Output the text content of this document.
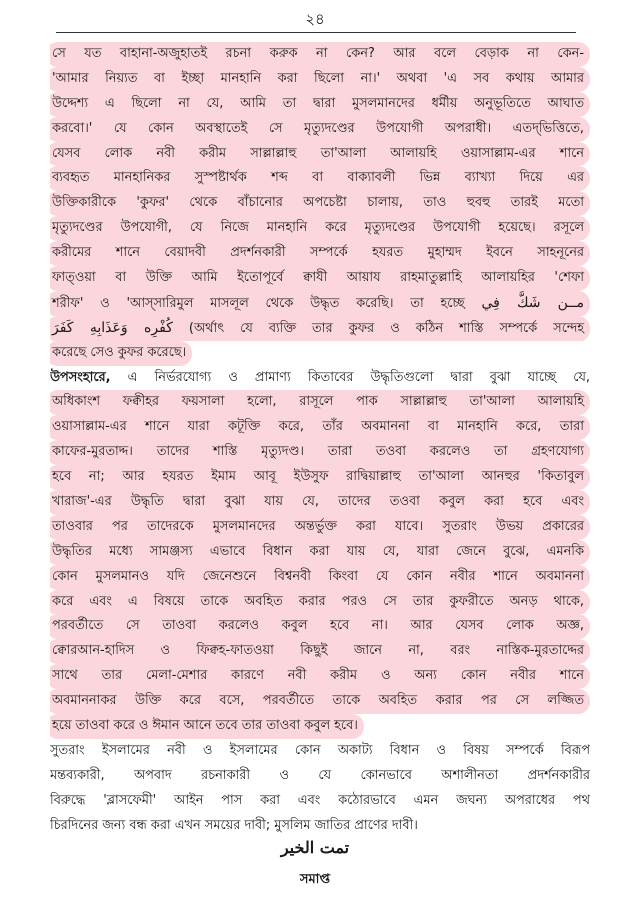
২৪
সে যত বাহানা-অজুহাতই রচনা করুক না কেন? আর বলে বেড়াক না কেন-
'আমার নিয়্যত বা ইচ্ছা মানহানি করা ছিলো না।' অথবা 'এ সব কথায় আমার
উদ্দেশ্য এ ছিলো না যে, আমি তা দ্বারা মুসলমানদের ধর্মীয় অনুভূতিতে আঘাত
করবো।' যে কোন অবস্থাতেই সে মৃত্যুদণ্ডের উপযোগী অপরাধী। এতদ্‌ভিত্তিতে,
যেসব লোক নবী করীম সাল্লাল্লাহু তা'আলা আলায়হি ওয়াসাল্লাম-এর শানে
ব্যবহৃত মানহানিকর সুস্পষ্টার্থক শব্দ বা বাক্যাবলী ভিন্ন ব্যাখ্যা দিয়ে এর
উক্তিকারীকে 'কুফর' থেকে বাঁচানোর অপচেষ্টা চালায়, তাও হুবহু তারই মতো
মৃত্যুদণ্ডের উপযোগী, যে নিজে মানহানি করে মৃত্যুদণ্ডের উপযোগী হয়েছে। রসূলে
করীমের শানে বেয়াদবী প্রদর্শনকারী সম্পর্কে হযরত মুহাম্মদ ইবনে সাহনূনের
ফাত্ওয়া বা উক্তি আমি ইতোপূর্বে ক্বাযী আয়ায রাহমাতুল্লাহি আলায়হির 'শেফা
শরীফ' ও 'আস্‌সারিমুল মাসলূল থেকে উদ্ধৃত করেছি। তা হচ্ছে مــن شَكَّ فِي
كُفْرِه وَعَذَابِهِ كَفَرَ (অর্থাৎ যে ব্যক্তি তার কুফর ও কঠিন শাস্তি সম্পর্কে সন্দেহ
করেছে সেও কুফর করেছে।
উপসংহারে, এ নির্ভরযোগ্য ও প্রামাণ্য কিতাবের উদ্ধৃতিগুলো দ্বারা বুঝা যাচ্ছে যে,
অধিকাংশ ফক্বীহর ফয়সালা হলো, রাসূলে পাক সাল্লাল্লাহু তা'আলা আলায়হি
ওয়াসাল্লাম-এর শানে যারা কটূক্তি করে, তাঁর অবমাননা বা মানহানি করে, তারা
কাফের-মুরতাদ্দ। তাদের শাস্তি মৃত্যুদণ্ড। তারা তওবা করলেও তা গ্রহণযোগ্য
হবে না; আর হযরত ইমাম আবূ ইউসুফ রাদ্বিয়াল্লাহু তা'আলা আনহুর 'কিতাবুল
খারাজ'-এর উদ্ধৃতি দ্বারা বুঝা যায় যে, তাদের তওবা কবুল করা হবে এবং
তাওবার পর তাদেরকে মুসলমানদের অন্তর্ভুক্ত করা যাবে। সুতরাং উভয় প্রকারের
উদ্ধৃতির মধ্যে সামঞ্জস্য এভাবে বিধান করা যায় যে, যারা জেনে বুঝে, এমনকি
কোন মুসলমানও যদি জেনেশুনে বিশ্বনবী কিংবা যে কোন নবীর শানে অবমাননা
করে এবং এ বিষয়ে তাকে অবহিত করার পরও সে তার কুফরীতে অনড় থাকে,
পরবর্তীতে সে তাওবা করলেও কবুল হবে না। আর যেসব লোক অজ্ঞ,
ক্বোরআন-হাদিস ও ফিক্বহ-ফাতওয়া কিছুই জানে না, বরং নাস্তিক-মুরতাদ্দের
সাথে তার মেলা-মেশার কারণে নবী করীম ও অন্য কোন নবীর শানে
অবমাননাকর উক্তি করে বসে, পরবর্তীতে তাকে অবহিত করার পর সে লজ্জিত
হয়ে তাওবা করে ও ঈমান আনে তবে তার তাওবা কবুল হবে।
সুতরাং ইসলামের নবী ও ইসলামের কোন অকাট্য বিধান ও বিষয় সম্পর্কে বিরূপ
মন্তব্যকারী, অপবাদ রচনাকারী ও যে কোনভাবে অশালীনতা প্রদর্শনকারীর
বিরুদ্ধে 'ব্লাসফেমী' আইন পাস করা এবং কঠোরভাবে এমন জঘন্য অপরাধের পথ
চিরদিনের জন্য বন্ধ করা এখন সময়ের দাবী; মুসলিম জাতির প্রাণের দাবী।
تمت الخير
সমাপ্ত
